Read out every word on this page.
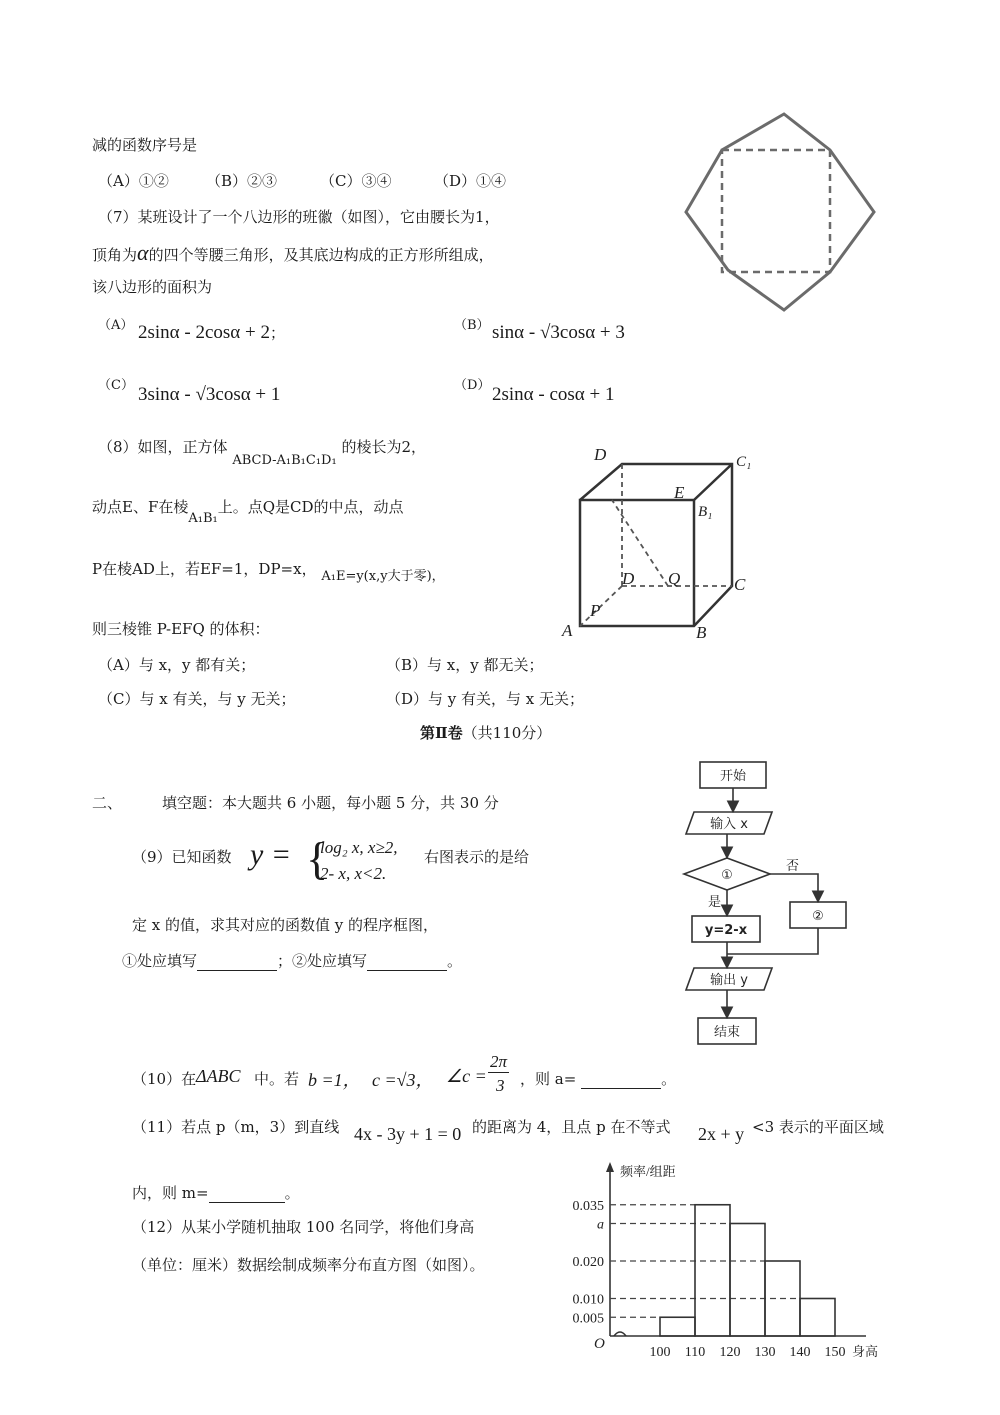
减的函数序号是
（A）①② （B）②③	（C）③④	（D）①④
（7）某班设计了一个八边形的班徽（如图），它由腰长为1，
顶角为α的四个等腰三角形，及其底边构成的正方形所组成，
该八边形的面积为
（A） 2sinα - 2cosα + 2；	（B） sinα - √3cosα + 3
（C） 3sinα - √3cosα + 1	（D） 2sinα - cosα + 1
（8）如图，正方体 ABCD-A₁B₁C₁D₁ 的棱长为2，
动点E、F在棱A₁B₁上。点Q是CD的中点，动点
P在棱AD上，若EF=1，DP=x， A₁E=y(x,y大于零)，
则三棱锥 P-EFQ 的体积：
（A）与 x，y 都有关；	（B）与 x，y 都无关；
（C）与 x 有关，与 y 无关；	（D）与 y 有关，与 x 无关；
D	C₁
E
B₁
D Q	C
A	B
P
第Ⅱ卷（共110分）
二、	填空题：本大题共 6 小题，每小题 5 分，共 30 分
（9）已知函数 y = {
log₂ x, x≥2,
2- x, x<2.
右图表示的是给
定 x 的值，求其对应的函数值 y 的程序框图，
①处应填写	；②处应填写	。
开始
输入 x
①
否
是
y=2-x
②
输出 y
结束
（10）在 ΔABC 中。若 b =1， c =√3， ∠c =
2π
3 ，则 a=	。
（11）若点 p（m，3）到直线 4x - 3y + 1 = 0 的距离为 4，且点 p 在不等式 2x + y <3 表示的平面区域
内，则 m=	。
（12）从某小学随机抽取 100 名同学，将他们身高
（单位：厘米）数据绘制成频率分布直方图（如图）。
0.035
a
0.020
0.010
0.005
100 110 120 130 140 150
频率/组距
身高
O
